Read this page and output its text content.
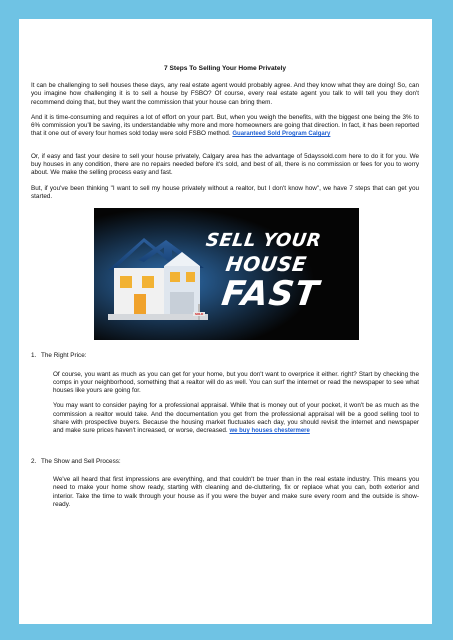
7 Steps To Selling Your Home Privately

It can be challenging to sell houses these days, any real estate agent would probably agree. And they know what they are doing! So, can you imagine how challenging it is to sell a house by FSBO? Of course, every real estate agent you talk to will tell you they don't recommend doing that, but they want the commission that your house can bring them.

And it is time-consuming and requires a lot of effort on your part. But, when you weigh the benefits, with the biggest one being the 3% to 6% commission you'll be saving, its understandable why more and more homeowners are going that direction. In fact, it has been reported that it one out of every four homes sold today were sold FSBO method. Guaranteed Sold Program Calgary

Or, if easy and fast your desire to sell your house privately, Calgary area has the advantage of 5dayssold.com here to do it for you. We buy houses in any condition, there are no repairs needed before it's sold, and best of all, there is no commission or fees for you to worry about. We make the selling process easy and fast.

But, if you've been thinking "I want to sell my house privately without a realtor, but I don't know how", we have 7 steps that can get you started.

SELL YOUR
HOUSE
FAST
SOLD
1. The Right Price:

Of course, you want as much as you can get for your home, but you don't want to overprice it either. right? Start by checking the comps in your neighborhood, something that a realtor will do as well. You can surf the internet or read the newspaper to see what houses like yours are going for.

You may want to consider paying for a professional appraisal. While that is money out of your pocket, it won't be as much as the commission a realtor would take. And the documentation you get from the professional appraisal will be a good selling tool to share with prospective buyers. Because the housing market fluctuates each day, you should revisit the internet and newspaper and make sure prices haven't increased, or worse, decreased. we buy houses chestermere

2. The Show and Sell Process:

We've all heard that first impressions are everything, and that couldn't be truer than in the real estate industry. This means you need to make your home show ready, starting with cleaning and de-cluttering, fix or replace what you can, both exterior and interior. Take the time to walk through your house as if you were the buyer and make sure every room and the outside is show-ready.
